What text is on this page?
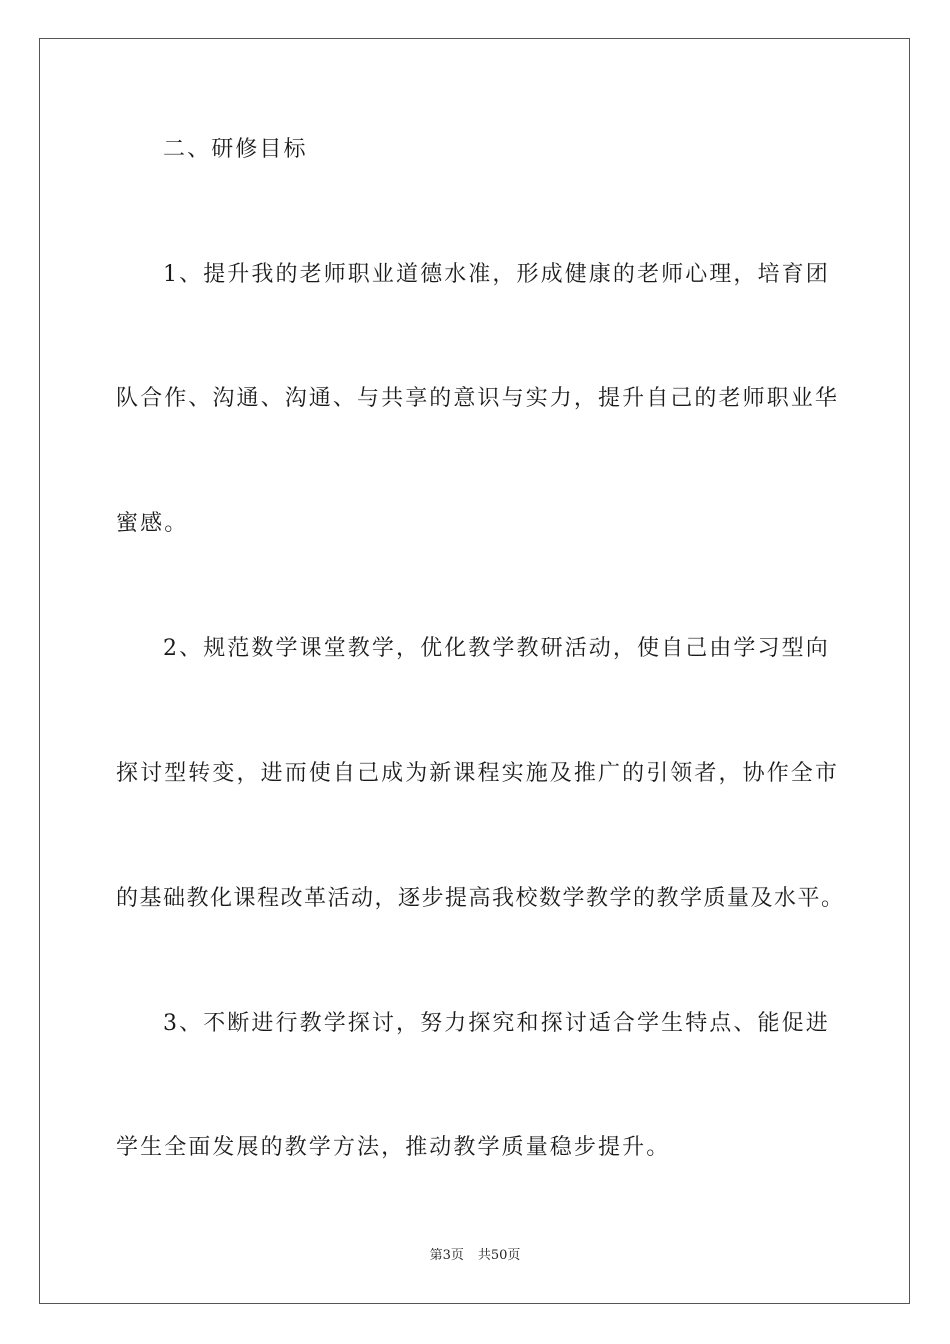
二、研修目标
1、提升我的老师职业道德水准，形成健康的老师心理，培育团
队合作、沟通、沟通、与共享的意识与实力，提升自己的老师职业华
蜜感。
2、规范数学课堂教学，优化教学教研活动，使自己由学习型向
探讨型转变，进而使自己成为新课程实施及推广的引领者，协作全市
的基础教化课程改革活动，逐步提高我校数学教学的教学质量及水平。
3、不断进行教学探讨，努力探究和探讨适合学生特点、能促进
学生全面发展的教学方法，推动教学质量稳步提升。
第3页 共50页
